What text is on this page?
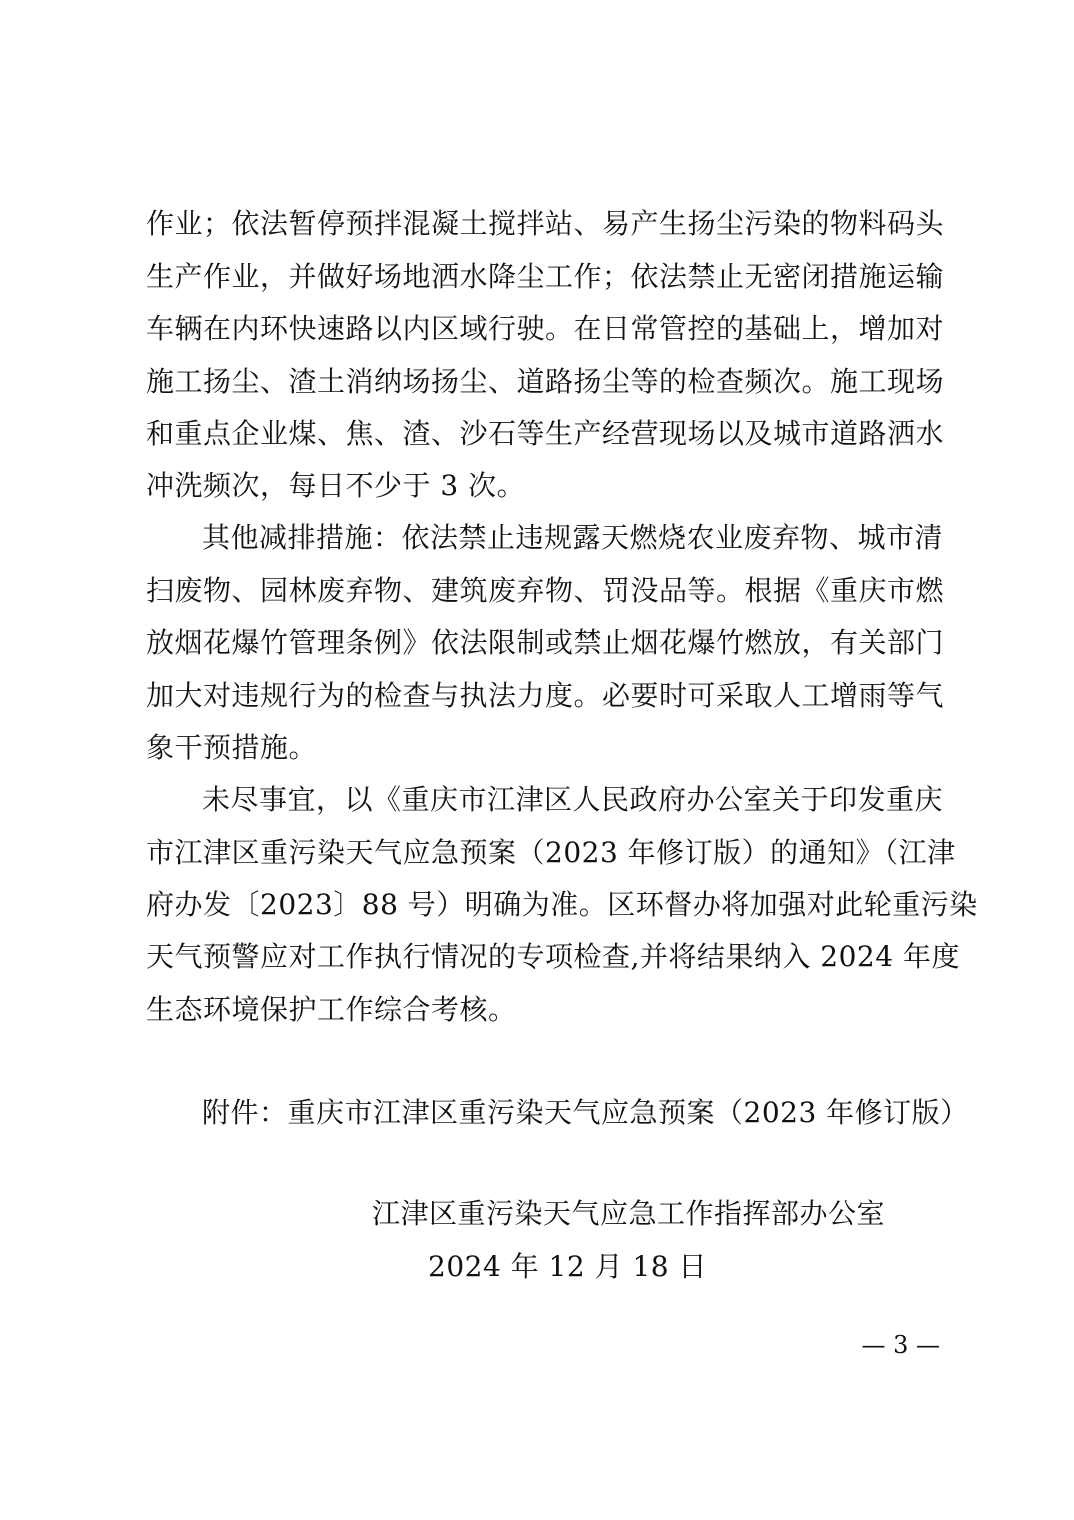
作业；依法暂停预拌混凝土搅拌站、易产生扬尘污染的物料码头
生产作业，并做好场地洒水降尘工作；依法禁止无密闭措施运输
车辆在内环快速路以内区域行驶。在日常管控的基础上，增加对
施工扬尘、渣土消纳场扬尘、道路扬尘等的检查频次。施工现场
和重点企业煤、焦、渣、沙石等生产经营现场以及城市道路洒水
冲洗频次，每日不少于 3 次。
其他减排措施：依法禁止违规露天燃烧农业废弃物、城市清
扫废物、园林废弃物、建筑废弃物、罚没品等。根据《重庆市燃
放烟花爆竹管理条例》依法限制或禁止烟花爆竹燃放，有关部门
加大对违规行为的检查与执法力度。必要时可采取人工增雨等气
象干预措施。
未尽事宜，以《重庆市江津区人民政府办公室关于印发重庆
市江津区重污染天气应急预案（2023 年修订版）的通知》（江津
府办发〔2023〕88 号）明确为准。区环督办将加强对此轮重污染
天气预警应对工作执行情况的专项检查,并将结果纳入 2024 年度
生态环境保护工作综合考核。
附件：重庆市江津区重污染天气应急预案（2023 年修订版）
江津区重污染天气应急工作指挥部办公室
2024 年 12 月 18 日
— 3 —
